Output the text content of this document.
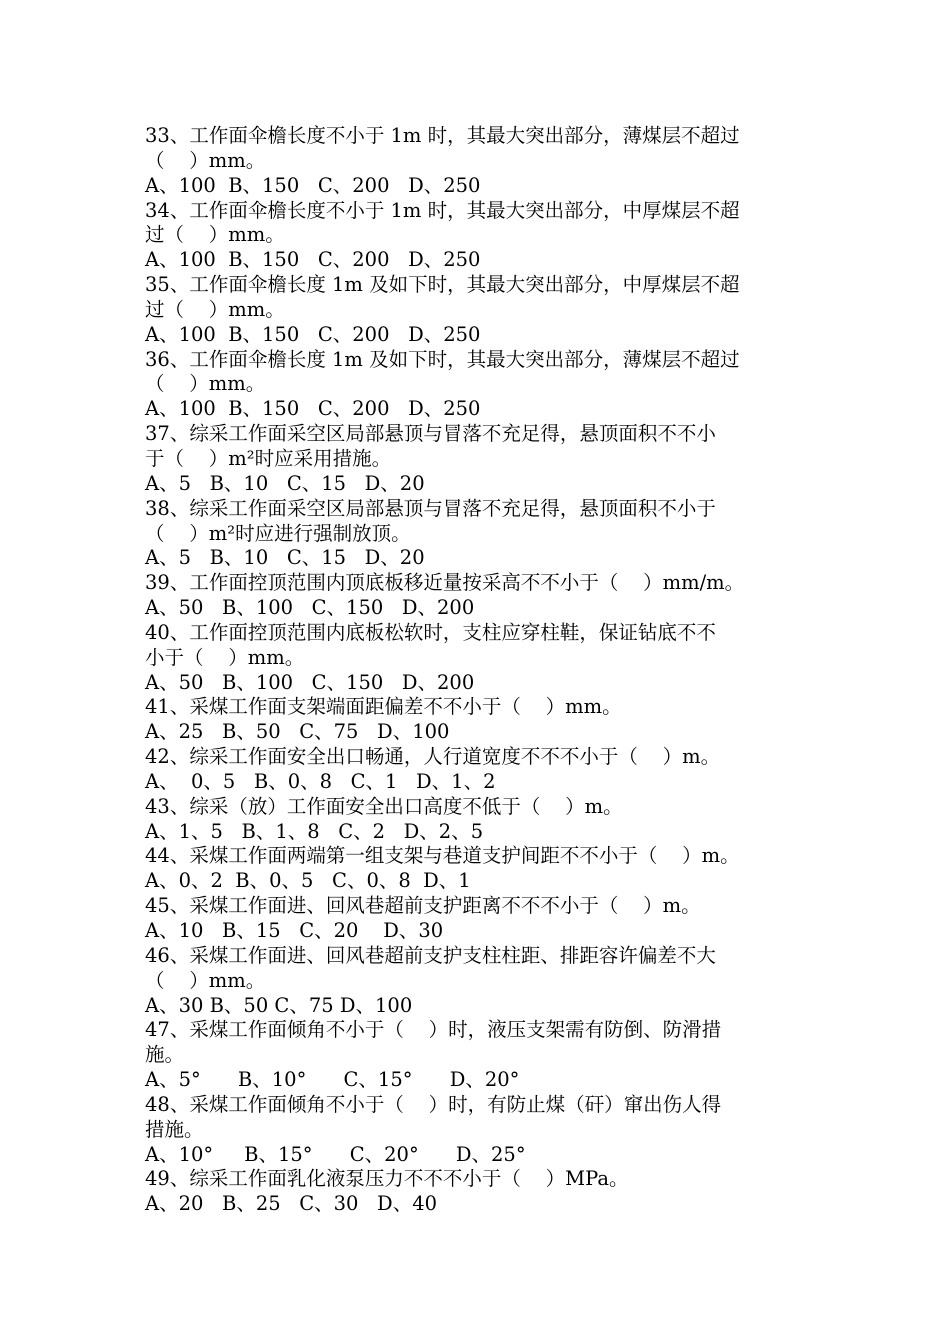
33、工作面伞檐长度不小于 1m 时，其最大突出部分，薄煤层不超过
（    ）mm。
A、100  B、150   C、200   D、250
34、工作面伞檐长度不小于 1m 时，其最大突出部分，中厚煤层不超
过（    ）mm。
A、100  B、150   C、200   D、250
35、工作面伞檐长度 1m 及如下时，其最大突出部分，中厚煤层不超
过（    ）mm。
A、100  B、150   C、200   D、250
36、工作面伞檐长度 1m 及如下时，其最大突出部分，薄煤层不超过
（    ）mm。
A、100  B、150   C、200   D、250
37、综采工作面采空区局部悬顶与冒落不充足得，悬顶面积不不小
于（    ）m²时应采用措施。
A、5   B、10   C、15   D、20
38、综采工作面采空区局部悬顶与冒落不充足得，悬顶面积不小于
（    ）m²时应进行强制放顶。
A、5   B、10   C、15   D、20
39、工作面控顶范围内顶底板移近量按采高不不小于（    ）mm/m。
A、50   B、100   C、150   D、200
40、工作面控顶范围内底板松软时，支柱应穿柱鞋，保证钻底不不
小于（    ）mm。
A、50   B、100   C、150   D、200
41、采煤工作面支架端面距偏差不不小于（    ）mm。
A、25   B、50   C、75   D、100
42、综采工作面安全出口畅通，人行道宽度不不不小于（    ）m。
A、  0、5   B、0、8   C、1   D、1、2
43、综采（放）工作面安全出口高度不低于（    ）m。
A、1、5   B、1、8   C、2   D、2、5
44、采煤工作面两端第一组支架与巷道支护间距不不小于（    ）m。
A、0、2  B、0、5   C、0、8  D、1
45、采煤工作面进、回风巷超前支护距离不不不小于（    ）m。
A、10   B、15   C、20    D、30
46、采煤工作面进、回风巷超前支护支柱柱距、排距容许偏差不大
（    ）mm。
A、30 B、50 C、75 D、100
47、采煤工作面倾角不小于（    ）时，液压支架需有防倒、防滑措
施。
A、5°      B、10°      C、15°      D、20°
48、采煤工作面倾角不小于（    ）时，有防止煤（矸）窜出伤人得
措施。
A、10°     B、15°      C、20°      D、25°
49、综采工作面乳化液泵压力不不不小于（    ）MPa。
A、20   B、25   C、30   D、40
